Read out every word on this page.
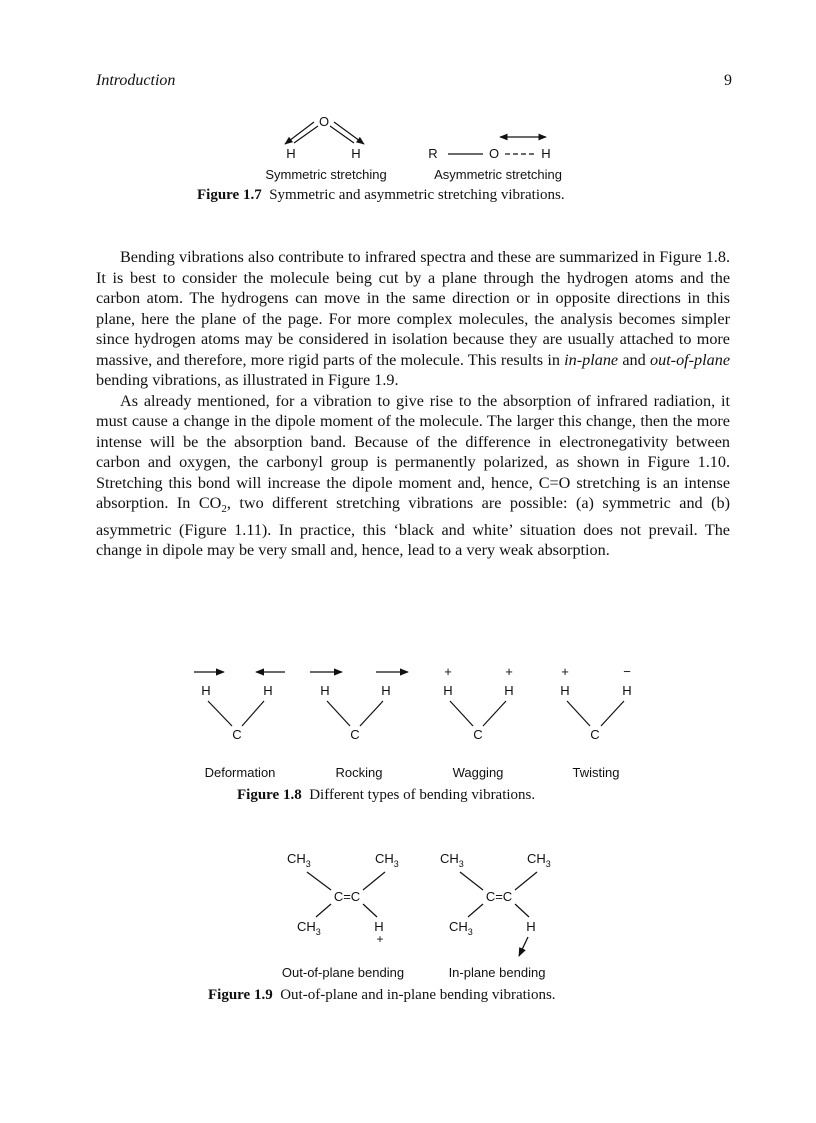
Introduction	9
O
H	H
Symmetric stretching
R	O	H
Asymmetric stretching
Figure 1.7 Symmetric and asymmetric stretching vibrations.

Bending vibrations also contribute to infrared spectra and these are summarized in Figure 1.8. It is best to consider the molecule being cut by a plane through the hydrogen atoms and the carbon atom. The hydrogens can move in the same direction or in opposite directions in this plane, here the plane of the page. For more complex molecules, the analysis becomes simpler since hydrogen atoms may be considered in isolation because they are usually attached to more massive, and therefore, more rigid parts of the molecule. This results in in-plane and out-of-plane bending vibrations, as illustrated in Figure 1.9.

As already mentioned, for a vibration to give rise to the absorption of infrared radiation, it must cause a change in the dipole moment of the molecule. The larger this change, then the more intense will be the absorption band. Because of the difference in electronegativity between carbon and oxygen, the carbonyl group is permanently polarized, as shown in Figure 1.10. Stretching this bond will increase the dipole moment and, hence, C=O stretching is an intense absorption. In $CO_2$, two different stretching vibrations are possible: (a) symmetric and (b) asymmetric (Figure 1.11). In practice, this ‘black and white’ situation does not prevail. The change in dipole may be very small and, hence, lead to a very weak absorption.

H	H
C
Deformation
H	H
C
Rocking
+	+
H	H
C
Wagging
+	−
H	H
C
Twisting
Figure 1.8 Different types of bending vibrations.
$CH_3$	$CH_3$
C=C
$CH_3$	H
+
Out-of-plane bending
$CH_3$	$CH_3$
C=C
$CH_3$	H
In-plane bending
Figure 1.9 Out-of-plane and in-plane bending vibrations.
